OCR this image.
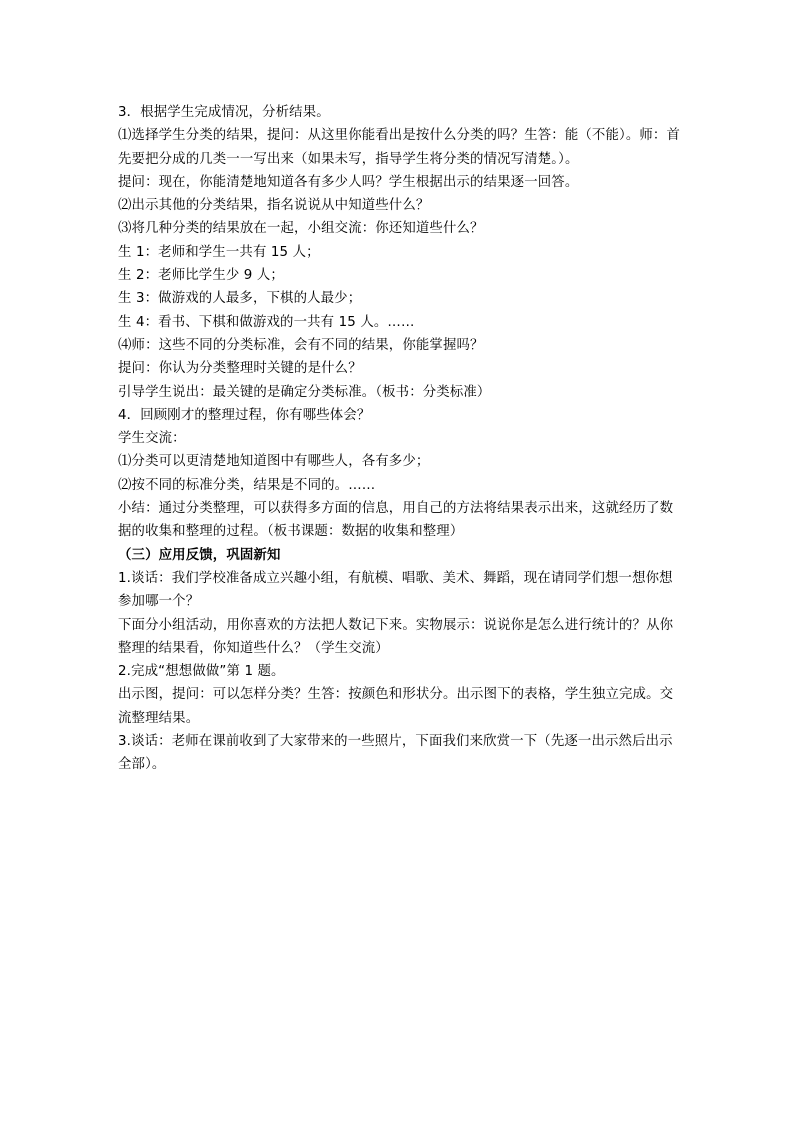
3．根据学生完成情况，分析结果。

⑴选择学生分类的结果，提问：从这里你能看出是按什么分类的吗？生答：能（不能）。师：首先要把分成的几类一一写出来（如果未写，指导学生将分类的情况写清楚。）。

提问：现在，你能清楚地知道各有多少人吗？学生根据出示的结果逐一回答。

⑵出示其他的分类结果，指名说说从中知道些什么？

⑶将几种分类的结果放在一起，小组交流：你还知道些什么？

生 1：老师和学生一共有 15 人；

生 2：老师比学生少 9 人；

生 3：做游戏的人最多，下棋的人最少；

生 4：看书、下棋和做游戏的一共有 15 人。……

⑷师：这些不同的分类标准，会有不同的结果，你能掌握吗？

提问：你认为分类整理时关键的是什么？

引导学生说出：最关键的是确定分类标准。（板书：分类标准）

4．回顾刚才的整理过程，你有哪些体会？

学生交流：

⑴分类可以更清楚地知道图中有哪些人，各有多少；

⑵按不同的标准分类，结果是不同的。……

小结：通过分类整理，可以获得多方面的信息，用自己的方法将结果表示出来，这就经历了数据的收集和整理的过程。（板书课题：数据的收集和整理）

（三）应用反馈，巩固新知

1.谈话：我们学校准备成立兴趣小组，有航模、唱歌、美术、舞蹈，现在请同学们想一想你想参加哪一个？

下面分小组活动，用你喜欢的方法把人数记下来。实物展示：说说你是怎么进行统计的？从你整理的结果看，你知道些什么？（学生交流）

2.完成“想想做做”第 1 题。

出示图，提问：可以怎样分类？生答：按颜色和形状分。出示图下的表格，学生独立完成。交流整理结果。

3.谈话：老师在课前收到了大家带来的一些照片，下面我们来欣赏一下（先逐一出示然后出示全部）。
